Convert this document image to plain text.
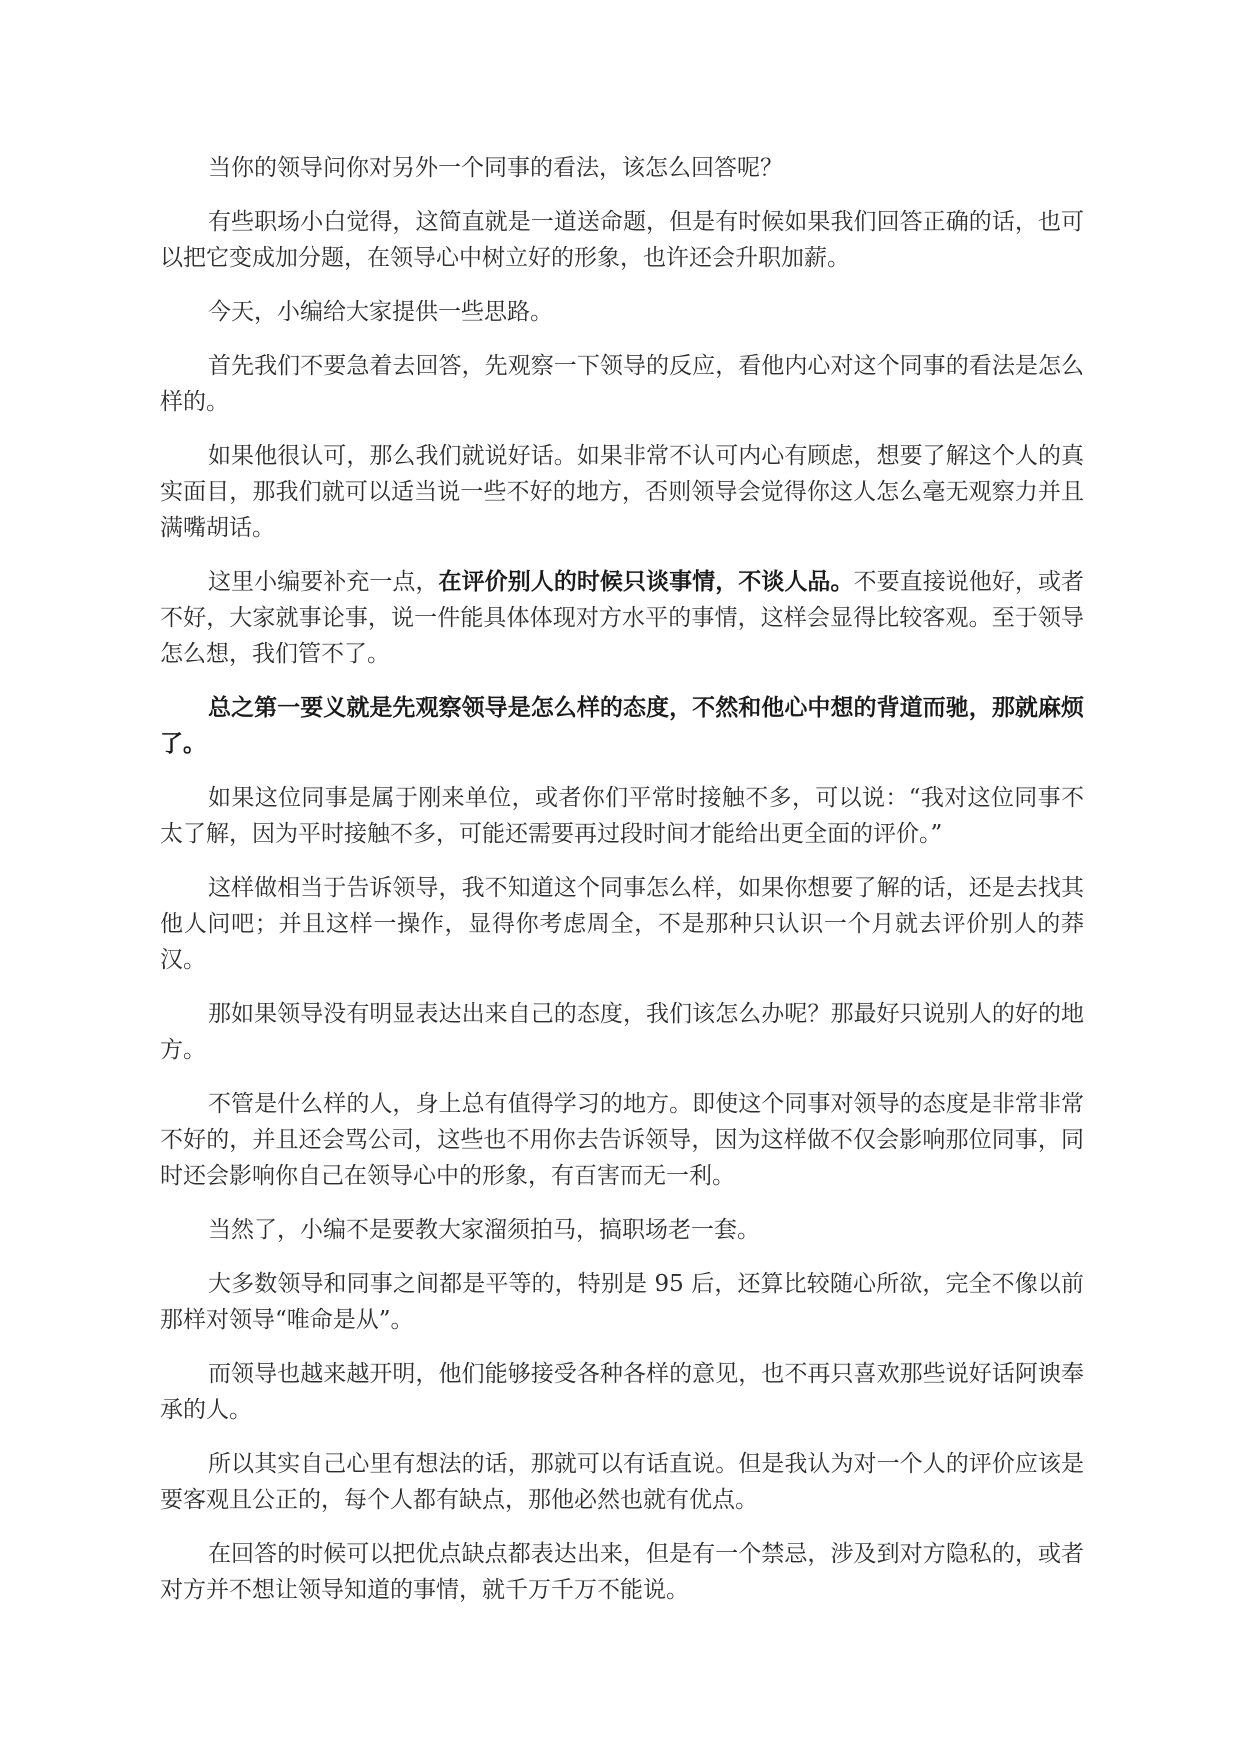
当你的领导问你对另外一个同事的看法，该怎么回答呢？

有些职场小白觉得，这简直就是一道送命题，但是有时候如果我们回答正确的话，也可以把它变成加分题，在领导心中树立好的形象，也许还会升职加薪。

今天，小编给大家提供一些思路。

首先我们不要急着去回答，先观察一下领导的反应，看他内心对这个同事的看法是怎么样的。

如果他很认可，那么我们就说好话。如果非常不认可内心有顾虑，想要了解这个人的真实面目，那我们就可以适当说一些不好的地方，否则领导会觉得你这人怎么毫无观察力并且满嘴胡话。

这里小编要补充一点，在评价别人的时候只谈事情，不谈人品。不要直接说他好，或者不好，大家就事论事，说一件能具体体现对方水平的事情，这样会显得比较客观。至于领导怎么想，我们管不了。

总之第一要义就是先观察领导是怎么样的态度，不然和他心中想的背道而驰，那就麻烦了。

如果这位同事是属于刚来单位，或者你们平常时接触不多，可以说：“我对这位同事不太了解，因为平时接触不多，可能还需要再过段时间才能给出更全面的评价。”

这样做相当于告诉领导，我不知道这个同事怎么样，如果你想要了解的话，还是去找其他人问吧；并且这样一操作，显得你考虑周全，不是那种只认识一个月就去评价别人的莽汉。

那如果领导没有明显表达出来自己的态度，我们该怎么办呢？那最好只说别人的好的地方。

不管是什么样的人，身上总有值得学习的地方。即使这个同事对领导的态度是非常非常不好的，并且还会骂公司，这些也不用你去告诉领导，因为这样做不仅会影响那位同事，同时还会影响你自己在领导心中的形象，有百害而无一利。

当然了，小编不是要教大家溜须拍马，搞职场老一套。

大多数领导和同事之间都是平等的，特别是 95 后，还算比较随心所欲，完全不像以前那样对领导“唯命是从”。

而领导也越来越开明，他们能够接受各种各样的意见，也不再只喜欢那些说好话阿谀奉承的人。

所以其实自己心里有想法的话，那就可以有话直说。但是我认为对一个人的评价应该是要客观且公正的，每个人都有缺点，那他必然也就有优点。

在回答的时候可以把优点缺点都表达出来，但是有一个禁忌，涉及到对方隐私的，或者对方并不想让领导知道的事情，就千万千万不能说。
